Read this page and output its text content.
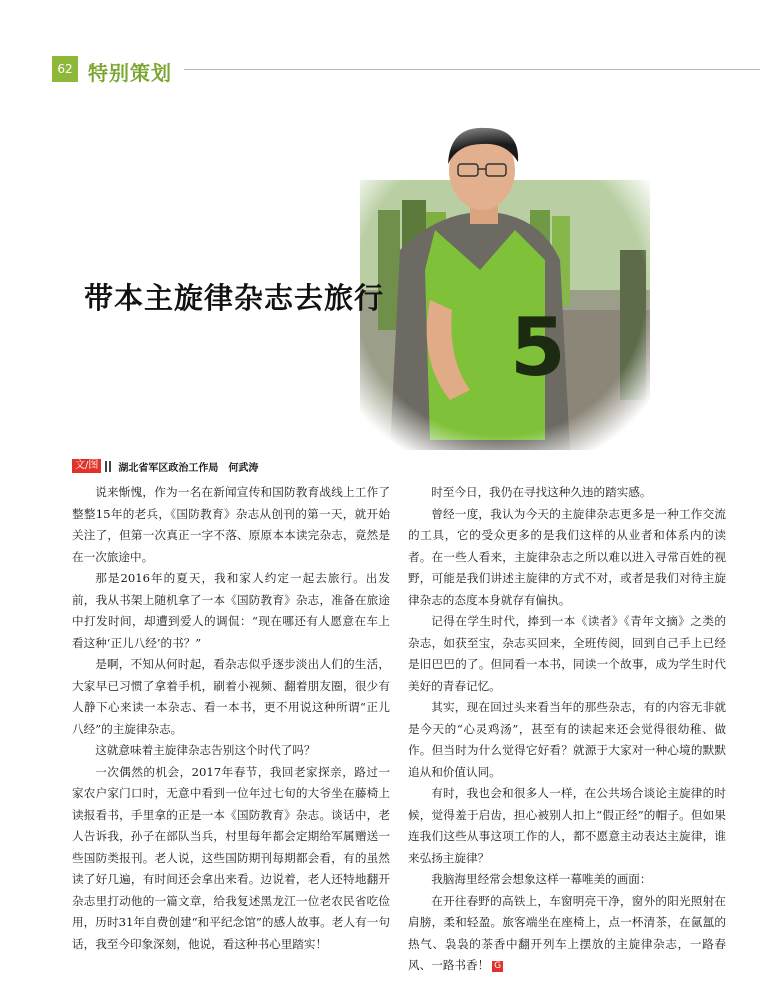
62 特别策划
带本主旋律杂志去旅行
文/图	湖北省军区政治工作局　何武涛

说来惭愧，作为一名在新闻宣传和国防教育战线上工作了整整15年的老兵，《国防教育》杂志从创刊的第一天，就开始关注了，但第一次真正一字不落、原原本本读完杂志，竟然是在一次旅途中。

那是2016年的夏天，我和家人约定一起去旅行。出发前，我从书架上随机拿了一本《国防教育》杂志，准备在旅途中打发时间，却遭到爱人的调侃：“现在哪还有人愿意在车上看这种‘正儿八经’的书？”

是啊，不知从何时起，看杂志似乎逐步淡出人们的生活，大家早已习惯了拿着手机，刷着小视频、翻着朋友圈，很少有人静下心来读一本杂志、看一本书，更不用说这种所谓“正儿八经”的主旋律杂志。

这就意味着主旋律杂志告别这个时代了吗？

一次偶然的机会，2017年春节，我回老家探亲，路过一家农户家门口时，无意中看到一位年过七旬的大爷坐在藤椅上读报看书，手里拿的正是一本《国防教育》杂志。谈话中，老人告诉我，孙子在部队当兵，村里每年都会定期给军属赠送一些国防类报刊。老人说，这些国防期刊每期都会看，有的虽然读了好几遍，有时间还会拿出来看。边说着，老人还特地翻开杂志里打动他的一篇文章，给我复述黑龙江一位老农民省吃俭用，历时31年自费创建“和平纪念馆”的感人故事。老人有一句话，我至今印象深刻，他说，看这种书心里踏实！

时至今日，我仍在寻找这种久违的踏实感。

曾经一度，我认为今天的主旋律杂志更多是一种工作交流的工具，它的受众更多的是我们这样的从业者和体系内的读者。在一些人看来，主旋律杂志之所以难以进入寻常百姓的视野，可能是我们讲述主旋律的方式不对，或者是我们对待主旋律杂志的态度本身就存有偏执。

记得在学生时代，捧到一本《读者》《青年文摘》之类的杂志，如获至宝，杂志买回来，全班传阅，回到自己手上已经是旧巴巴的了。但同看一本书，同读一个故事，成为学生时代美好的青春记忆。

其实，现在回过头来看当年的那些杂志，有的内容无非就是今天的“心灵鸡汤”，甚至有的读起来还会觉得很幼稚、做作。但当时为什么觉得它好看？就源于大家对一种心境的默默追从和价值认同。

有时，我也会和很多人一样，在公共场合谈论主旋律的时候，觉得羞于启齿，担心被别人扣上“假正经”的帽子。但如果连我们这些从事这项工作的人，都不愿意主动表达主旋律，谁来弘扬主旋律？

我脑海里经常会想象这样一幕唯美的画面：

在开往春野的高铁上，车窗明亮干净，窗外的阳光照射在肩膀，柔和轻盈。旅客端坐在座椅上，点一杯清茶，在氤氲的热气、袅袅的茶香中翻开列车上摆放的主旋律杂志，一路春风、一路书香！ G
